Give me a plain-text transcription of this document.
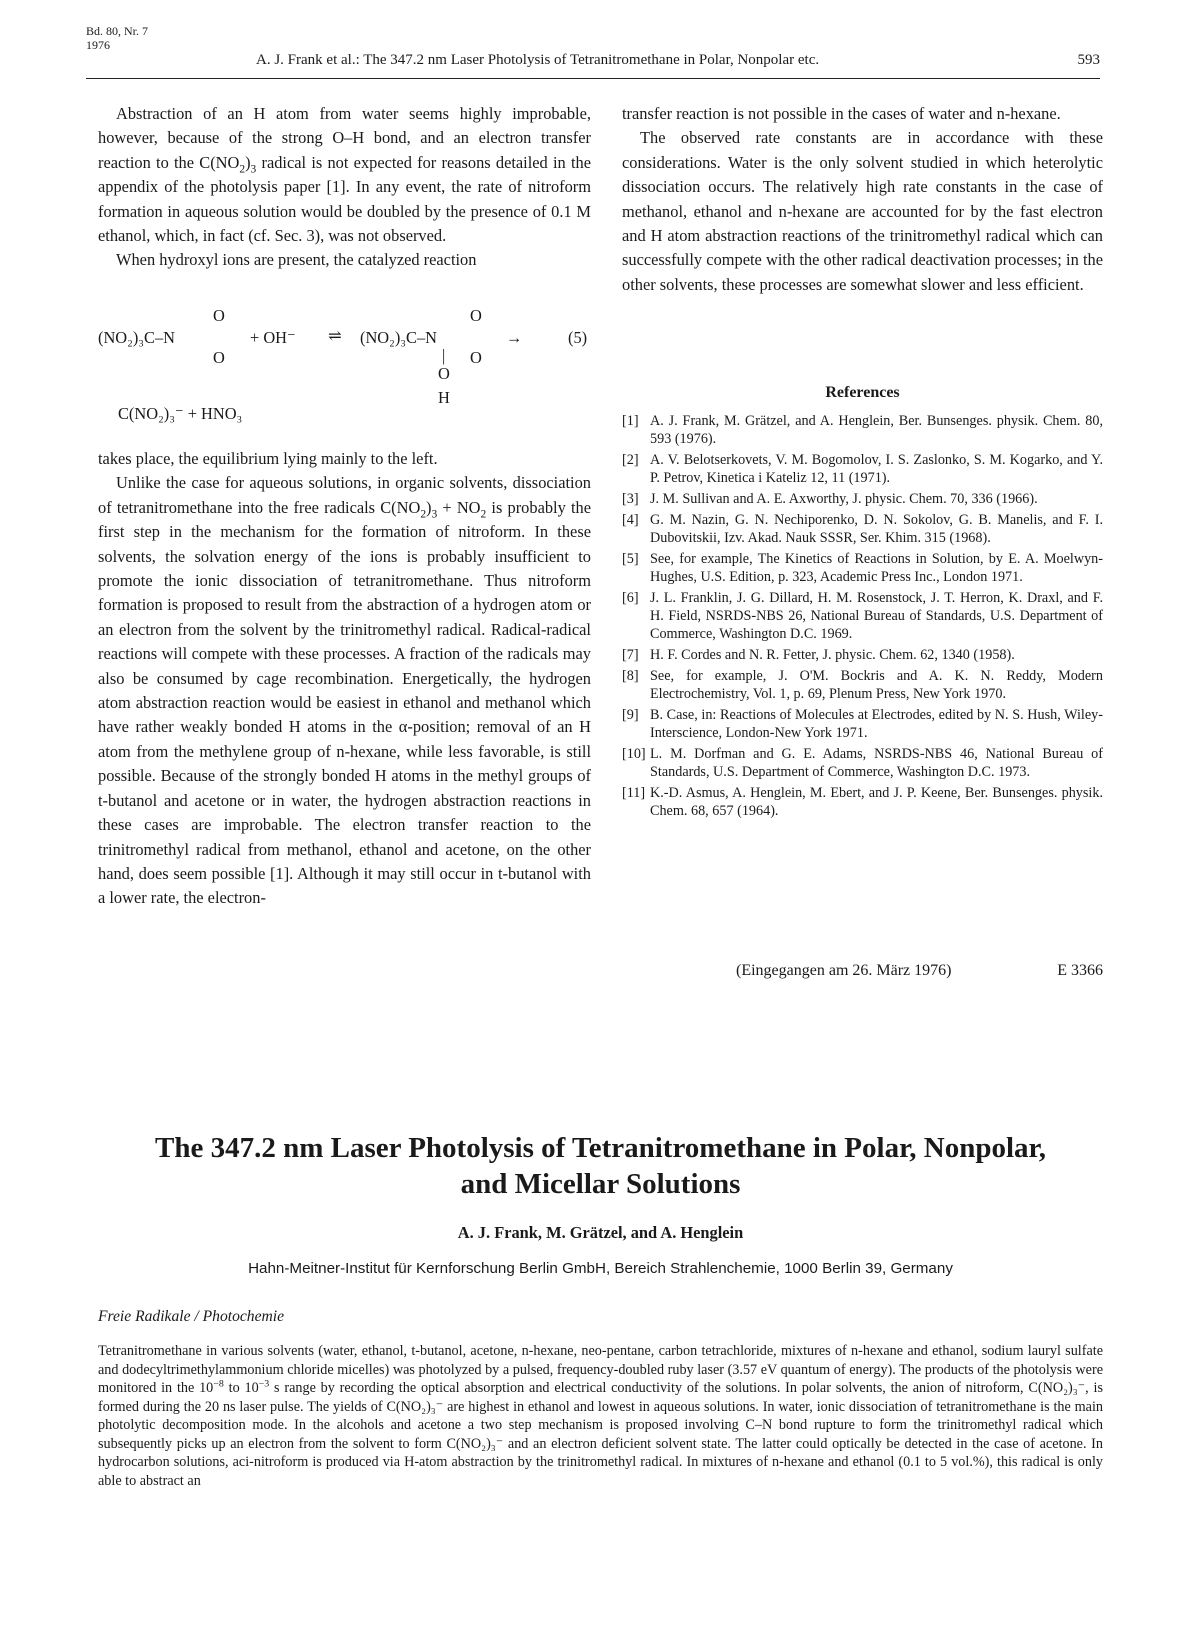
Bd. 80, Nr. 7
1976
A. J. Frank et al.: The 347.2 nm Laser Photolysis of Tetranitromethane in Polar, Nonpolar etc.	593

Abstraction of an H atom from water seems highly improbable, however, because of the strong O–H bond, and an electron transfer reaction to the $C(NO_2)_3$ radical is not expected for reasons detailed in the appendix of the photolysis paper [1]. In any event, the rate of nitroform formation in aqueous solution would be doubled by the presence of 0.1 M ethanol, which, in fact (cf. Sec. 3), was not observed.

When hydroxyl ions are present, the catalyzed reaction

(NO₂)₃C–N
O
O
+ OH⁻ ⇌ (NO₂)₃C–N
O
O
|
O
H
→	(5)
C(NO₂)₃⁻ + HNO₃

takes place, the equilibrium lying mainly to the left.

Unlike the case for aqueous solutions, in organic solvents, dissociation of tetranitromethane into the free radicals $C(NO_2)_3 + NO_2$ is probably the first step in the mechanism for the formation of nitroform. In these solvents, the solvation energy of the ions is probably insufficient to promote the ionic dissociation of tetranitromethane. Thus nitroform formation is proposed to result from the abstraction of a hydrogen atom or an electron from the solvent by the trinitromethyl radical. Radical-radical reactions will compete with these processes. A fraction of the radicals may also be consumed by cage recombination. Energetically, the hydrogen atom abstraction reaction would be easiest in ethanol and methanol which have rather weakly bonded H atoms in the α-position; removal of an H atom from the methylene group of n-hexane, while less favorable, is still possible. Because of the strongly bonded H atoms in the methyl groups of t-butanol and acetone or in water, the hydrogen abstraction reactions in these cases are improbable. The electron transfer reaction to the trinitromethyl radical from methanol, ethanol and acetone, on the other hand, does seem possible [1]. Although it may still occur in t-butanol with a lower rate, the electron-

transfer reaction is not possible in the cases of water and n-hexane.

The observed rate constants are in accordance with these considerations. Water is the only solvent studied in which heterolytic dissociation occurs. The relatively high rate constants in the case of methanol, ethanol and n-hexane are accounted for by the fast electron and H atom abstraction reactions of the trinitromethyl radical which can successfully compete with the other radical deactivation processes; in the other solvents, these processes are somewhat slower and less efficient.

References
[1] A. J. Frank, M. Grätzel, and A. Henglein, Ber. Bunsenges. physik. Chem. 80, 593 (1976).
[2] A. V. Belotserkovets, V. M. Bogomolov, I. S. Zaslonko, S. M. Kogarko, and Y. P. Petrov, Kinetica i Kateliz 12, 11 (1971).
[3] J. M. Sullivan and A. E. Axworthy, J. physic. Chem. 70, 336 (1966).
[4] G. M. Nazin, G. N. Nechiporenko, D. N. Sokolov, G. B. Manelis, and F. I. Dubovitskii, Izv. Akad. Nauk SSSR, Ser. Khim. 315 (1968).
[5] See, for example, The Kinetics of Reactions in Solution, by E. A. Moelwyn-Hughes, U.S. Edition, p. 323, Academic Press Inc., London 1971.
[6] J. L. Franklin, J. G. Dillard, H. M. Rosenstock, J. T. Herron, K. Draxl, and F. H. Field, NSRDS-NBS 26, National Bureau of Standards, U.S. Department of Commerce, Washington D.C. 1969.
[7] H. F. Cordes and N. R. Fetter, J. physic. Chem. 62, 1340 (1958).
[8] See, for example, J. O'M. Bockris and A. K. N. Reddy, Modern Electrochemistry, Vol. 1, p. 69, Plenum Press, New York 1970.
[9] B. Case, in: Reactions of Molecules at Electrodes, edited by N. S. Hush, Wiley-Interscience, London-New York 1971.
[10] L. M. Dorfman and G. E. Adams, NSRDS-NBS 46, National Bureau of Standards, U.S. Department of Commerce, Washington D.C. 1973.
[11] K.-D. Asmus, A. Henglein, M. Ebert, and J. P. Keene, Ber. Bunsenges. physik. Chem. 68, 657 (1964).
(Eingegangen am 26. März 1976)	E 3366
The 347.2 nm Laser Photolysis of Tetranitromethane in Polar, Nonpolar,
and Micellar Solutions
A. J. Frank, M. Grätzel, and A. Henglein
Hahn-Meitner-Institut für Kernforschung Berlin GmbH, Bereich Strahlenchemie, 1000 Berlin 39, Germany
Freie Radikale / Photochemie

Tetranitromethane in various solvents (water, ethanol, t-butanol, acetone, n-hexane, neo-pentane, carbon tetrachloride, mixtures of n-hexane and ethanol, sodium lauryl sulfate and dodecyltrimethylammonium chloride micelles) was photolyzed by a pulsed, frequency-doubled ruby laser (3.57 eV quantum of energy). The products of the photolysis were monitored in the $10^{-8}$ to $10^{-3}$ s range by recording the optical absorption and electrical conductivity of the solutions. In polar solvents, the anion of nitroform, C(NO₂)₃⁻, is formed during the 20 ns laser pulse. The yields of C(NO₂)₃⁻ are highest in ethanol and lowest in aqueous solutions. In water, ionic dissociation of tetranitromethane is the main photolytic decomposition mode. In the alcohols and acetone a two step mechanism is proposed involving C–N bond rupture to form the trinitromethyl radical which subsequently picks up an electron from the solvent to form C(NO₂)₃⁻ and an electron deficient solvent state. The latter could optically be detected in the case of acetone. In hydrocarbon solutions, aci-nitroform is produced via H-atom abstraction by the trinitromethyl radical. In mixtures of n-hexane and ethanol (0.1 to 5 vol.%), this radical is only able to abstract an
